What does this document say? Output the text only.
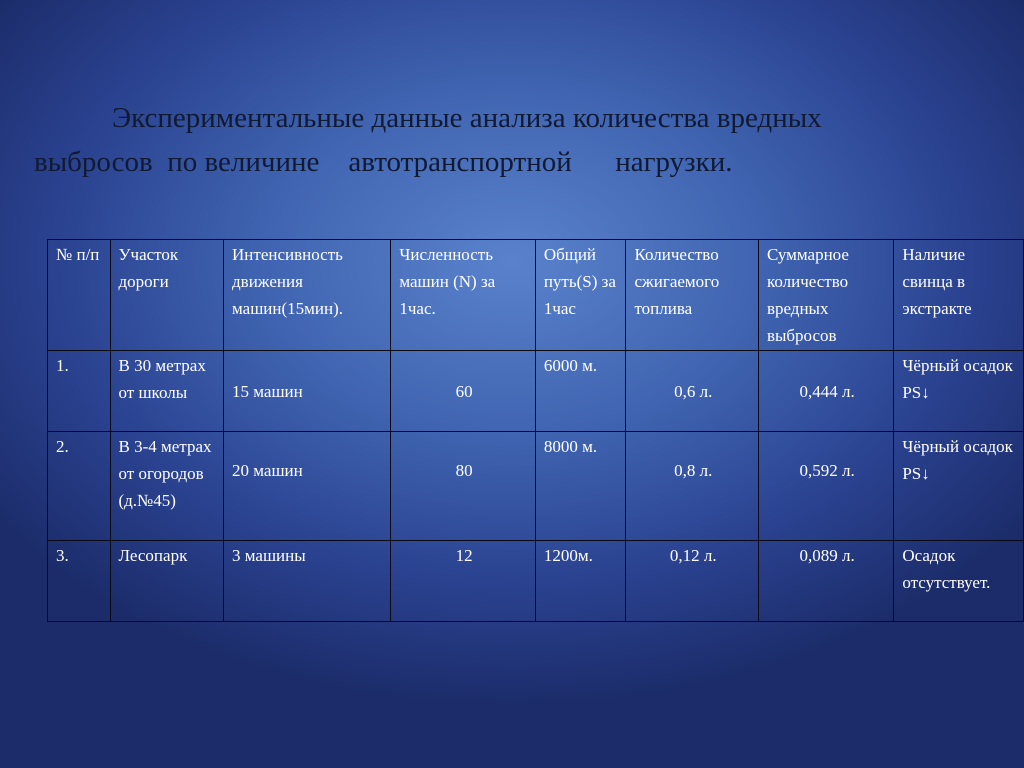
Экспериментальные данные анализа количества вредных
выбросов  по величине    автотранспортной      нагрузки.
№ п/п	Участок дороги	Интенсивность движения машин(15мин).	Численность машин (N) за 1час.	Общий путь(S) за 1час	Количество сжигаемого топлива	Суммарное количество вредных выбросов	Наличие свинца в экстракте
1.	В 30 метрах от школы	15 машин	60	6000 м.	0,6 л.	0,444 л.	Чёрный осадок PS↓
2.	В 3-4 метрах от огородов (д.№45)	20 машин	80	8000 м.	0,8 л.	0,592 л.	Чёрный осадок PS↓
3.	Лесопарк	3 машины	12	1200м.	0,12 л.	0,089 л.	Осадок отсутствует.
